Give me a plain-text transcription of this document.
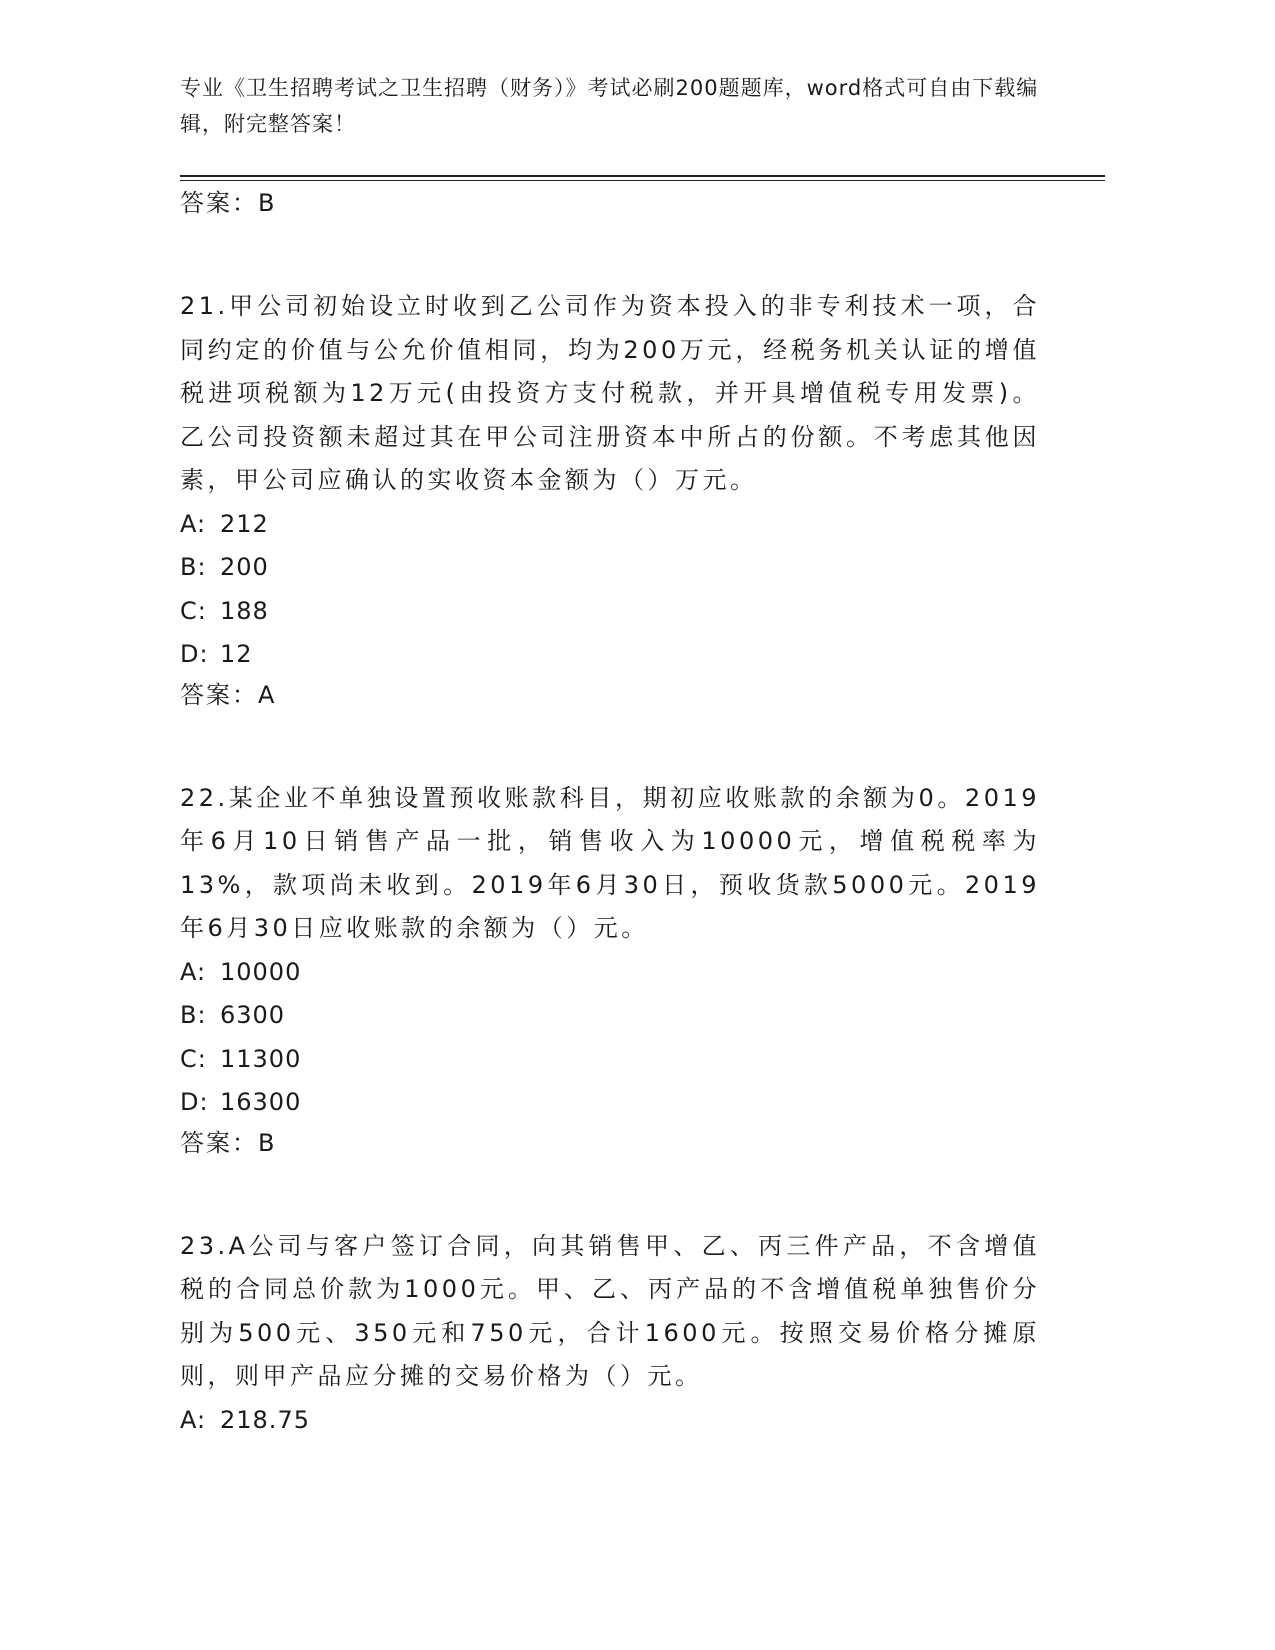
专业《卫生招聘考试之卫生招聘（财务）》考试必刷200题题库，word格式可自由下载编辑，附完整答案！

答案：B

21.甲公司初始设立时收到乙公司作为资本投入的非专利技术一项，合同约定的价值与公允价值相同，均为200万元，经税务机关认证的增值税进项税额为12万元(由投资方支付税款，并开具增值税专用发票)。乙公司投资额未超过其在甲公司注册资本中所占的份额。不考虑其他因素，甲公司应确认的实收资本金额为（）万元。

A: 212

B: 200

C: 188

D: 12

答案：A

22.某企业不单独设置预收账款科目，期初应收账款的余额为0。2019年6月10日销售产品一批，销售收入为10000元，增值税税率为13%，款项尚未收到。2019年6月30日，预收货款5000元。2019年6月30日应收账款的余额为（）元。

A: 10000

B: 6300

C: 11300

D: 16300

答案：B

23.A公司与客户签订合同，向其销售甲、乙、丙三件产品，不含增值税的合同总价款为1000元。甲、乙、丙产品的不含增值税单独售价分别为500元、350元和750元，合计1600元。按照交易价格分摊原则，则甲产品应分摊的交易价格为（）元。

A: 218.75
